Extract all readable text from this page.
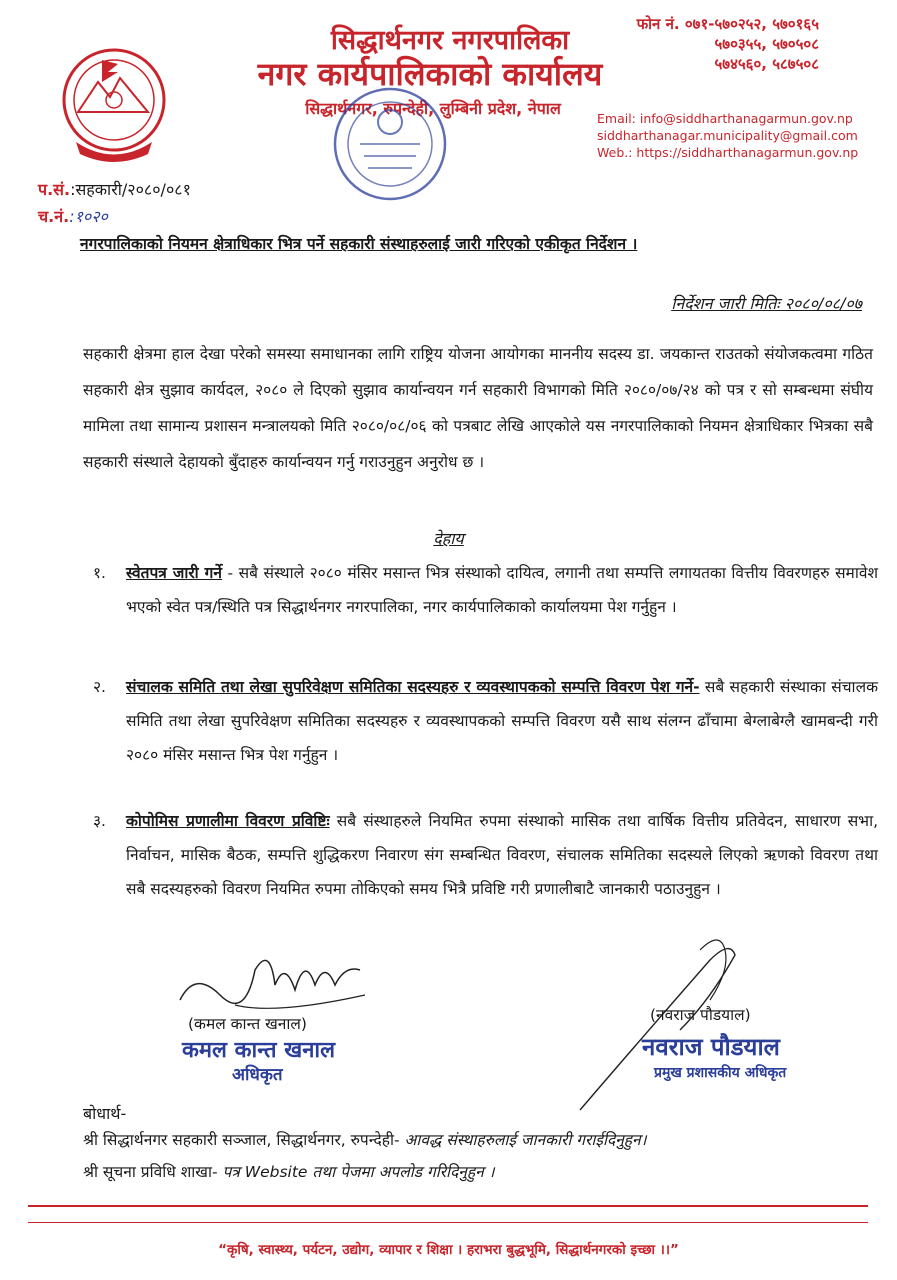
सिद्धार्थनगर नगरपालिका
नगर कार्यपालिकाको कार्यालय
सिद्धार्थनगर, रुपन्देही, लुम्बिनी प्रदेश, नेपाल
फोन नं. ०७१-५७०२५२, ५७०१६५
५७०३५५, ५७०५०८
५७४५६०, ५८७५०८
Email: info@siddharthanagarmun.gov.np
siddharthanagar.municipality@gmail.com
Web.: https://siddharthanagarmun.gov.np
प.सं.:सहकारी/२०८०/०८१
च.नं.:१०२०
नगरपालिकाको नियमन क्षेत्राधिकार भित्र पर्ने सहकारी संस्थाहरुलाई जारी गरिएको एकीकृत निर्देशन ।
निर्देशन जारी मितिः २०८०/०८/०७
सहकारी क्षेत्रमा हाल देखा परेको समस्या समाधानका लागि राष्ट्रिय योजना आयोगका माननीय सदस्य डा. जयकान्त राउतको संयोजकत्वमा गठित सहकारी क्षेत्र सुझाव कार्यदल, २०८० ले दिएको सुझाव कार्यान्वयन गर्न सहकारी विभागको मिति २०८०/०७/२४ को पत्र र सो सम्बन्धमा संघीय मामिला तथा सामान्य प्रशासन मन्त्रालयको मिति २०८०/०८/०६ को पत्रबाट लेखि आएकोले यस नगरपालिकाको नियमन क्षेत्राधिकार भित्रका सबै सहकारी संस्थाले देहायको बुँदाहरु कार्यान्वयन गर्नु गराउनुहुन अनुरोध छ ।
देहाय
१. स्वेतपत्र जारी गर्ने - सबै संस्थाले २०८० मंसिर मसान्त भित्र संस्थाको दायित्व, लगानी तथा सम्पत्ति लगायतका वित्तीय विवरणहरु समावेश भएको स्वेत पत्र/स्थिति पत्र सिद्धार्थनगर नगरपालिका, नगर कार्यपालिकाको कार्यालयमा पेश गर्नुहुन ।
२. संचालक समिति तथा लेखा सुपरिवेक्षण समितिका सदस्यहरु र व्यवस्थापकको सम्पत्ति विवरण पेश गर्ने- सबै सहकारी संस्थाका संचालक समिति तथा लेखा सुपरिवेक्षण समितिका सदस्यहरु र व्यवस्थापकको सम्पत्ति विवरण यसै साथ संलग्न ढाँचामा बेग्लाबेग्लै खामबन्दी गरी २०८० मंसिर मसान्त भित्र पेश गर्नुहुन ।
३. कोपोमिस प्रणालीमा विवरण प्रविष्टिः सबै संस्थाहरुले नियमित रुपमा संस्थाको मासिक तथा वार्षिक वित्तीय प्रतिवेदन, साधारण सभा, निर्वाचन, मासिक बैठक, सम्पत्ति शुद्धिकरण निवारण संग सम्बन्धित विवरण, संचालक समितिका सदस्यले लिएको ऋणको विवरण तथा सबै सदस्यहरुको विवरण नियमित रुपमा तोकिएको समय भित्रै प्रविष्टि गरी प्रणालीबाटै जानकारी पठाउनुहुन ।
(कमल कान्त खनाल)
कमल कान्त खनाल
अधिकृत
(नवराज पौडयाल)
नवराज पौडयाल
प्रमुख प्रशासकीय अधिकृत
बोधार्थ-
श्री सिद्धार्थनगर सहकारी सञ्जाल, सिद्धार्थनगर, रुपन्देही- आवद्ध संस्थाहरुलाई जानकारी गराईदिनुहुन।
श्री सूचना प्रविधि शाखा- पत्र Website तथा पेजमा अपलोड गरिदिनुहुन ।
“कृषि, स्वास्थ्य, पर्यटन, उद्योग, व्यापार र शिक्षा । हराभरा बुद्धभूमि, सिद्धार्थनगरको इच्छा ।।”
